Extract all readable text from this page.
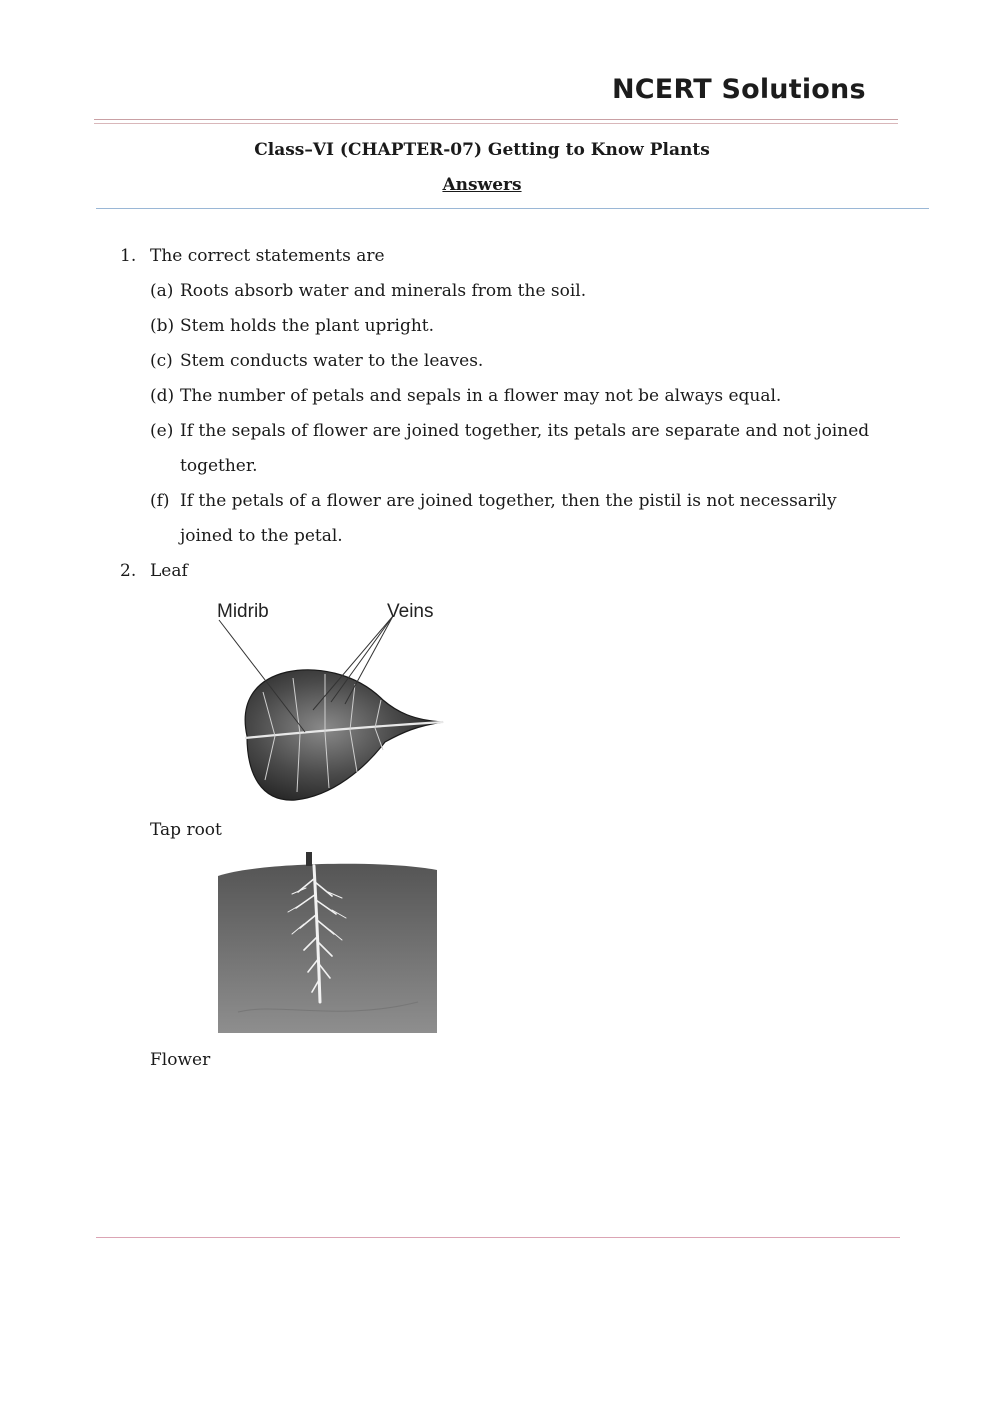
NCERT Solutions
Class–VI (CHAPTER-07) Getting to Know Plants
Answers
1. The correct statements are
(a) Roots absorb water and minerals from the soil.
(b) Stem holds the plant upright.
(c) Stem conducts water to the leaves.
(d) The number of petals and sepals in a flower may not be always equal.
(e) If the sepals of flower are joined together, its petals are separate and not joined
together.
(f) If the petals of a flower are joined together, then the pistil is not necessarily
joined to the petal.
2. Leaf
Midrib	Veins
Tap root
Flower
